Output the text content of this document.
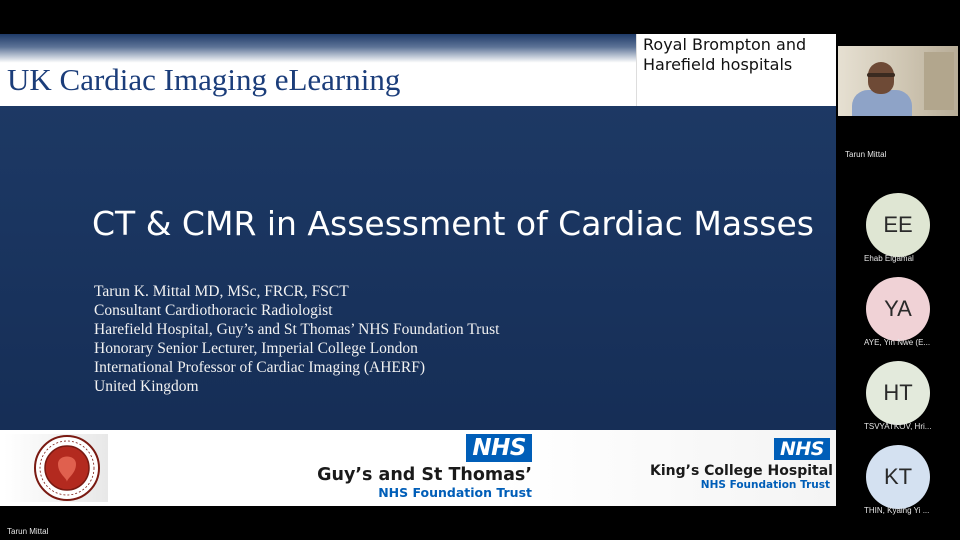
UK Cardiac Imaging eLearning
Royal Brompton and
Harefield hospitals
CT & CMR in Assessment of Cardiac Masses
Tarun K. Mittal MD, MSc, FRCR, FSCT
Consultant Cardiothoracic Radiologist
Harefield Hospital, Guy’s and St Thomas’ NHS Foundation Trust
Honorary Senior Lecturer, Imperial College London
International Professor of Cardiac Imaging (AHERF)
United Kingdom
NHS
Guy’s and St Thomas’
NHS Foundation Trust
NHS
King’s College Hospital
NHS Foundation Trust
Tarun Mittal
EE
Ehab Elgamal
YA
AYE, Yin Nwe (E...
HT
TSVYATKOV, Hri...
KT
THIN, Kyaing Yi ...
Tarun Mittal
